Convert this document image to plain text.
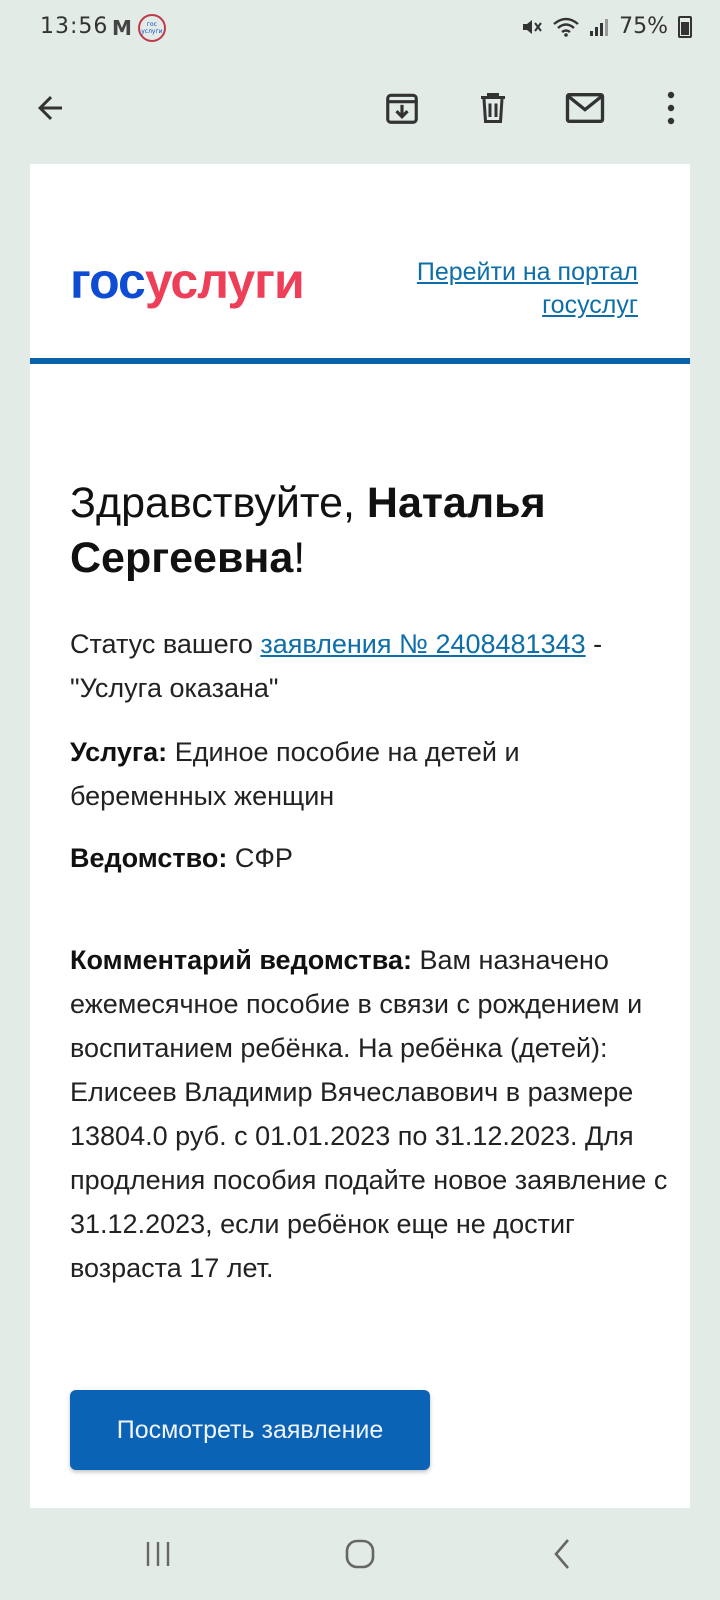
13:56 M	гос
услуги	75%
госуслуги	Перейти на портал госуслуг
Здравствуйте, Наталья Сергеевна!
Статус вашего заявления № 2408481343 - "Услуга оказана"
Услуга: Единое пособие на детей и беременных женщин
Ведомство: СФР
Комментарий ведомства: Вам назначено ежемесячное пособие в связи с рождением и воспитанием ребёнка. На ребёнка (детей): Елисеев Владимир Вячеславович в размере 13804.0 руб. с 01.01.2023 по 31.12.2023. Для продления пособия подайте новое заявление с 31.12.2023, если ребёнок еще не достиг возраста 17 лет.
Посмотреть заявление
